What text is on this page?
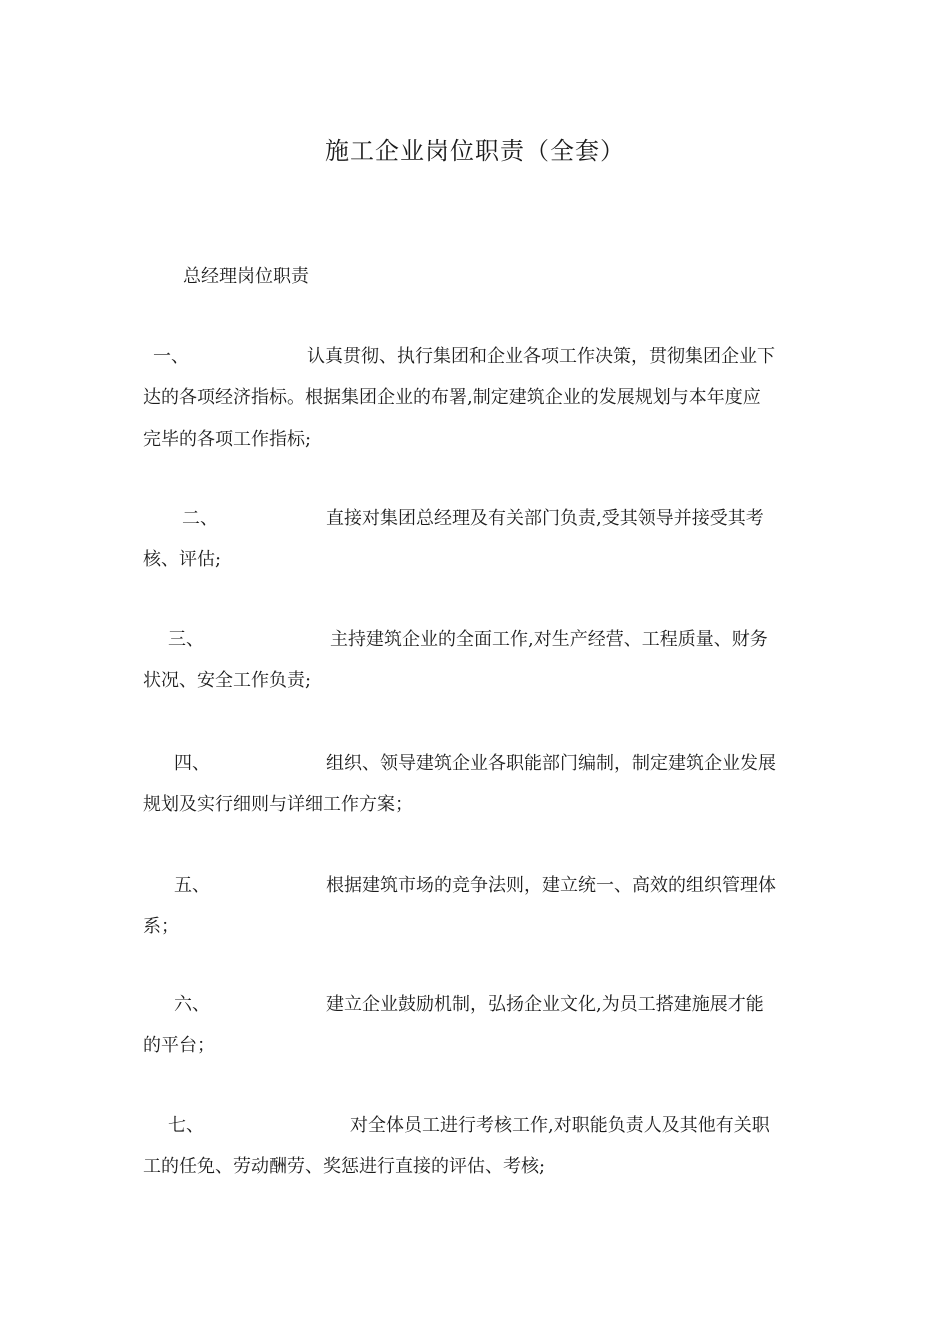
施工企业岗位职责（全套）
总经理岗位职责
一、	认真贯彻、执行集团和企业各项工作决策，贯彻集团企业下
达的各项经济指标。根据集团企业的布署,制定建筑企业的发展规划与本年度应
完毕的各项工作指标;
二、	直接对集团总经理及有关部门负责,受其领导并接受其考
核、评估;
三、	主持建筑企业的全面工作,对生产经营、工程质量、财务
状况、安全工作负责;
四、	组织、领导建筑企业各职能部门编制，制定建筑企业发展
规划及实行细则与详细工作方案；
五、	根据建筑市场的竞争法则，建立统一、高效的组织管理体
系；
六、	建立企业鼓励机制，弘扬企业文化,为员工搭建施展才能
的平台；
七、	对全体员工进行考核工作,对职能负责人及其他有关职
工的任免、劳动酬劳、奖惩进行直接的评估、考核;
